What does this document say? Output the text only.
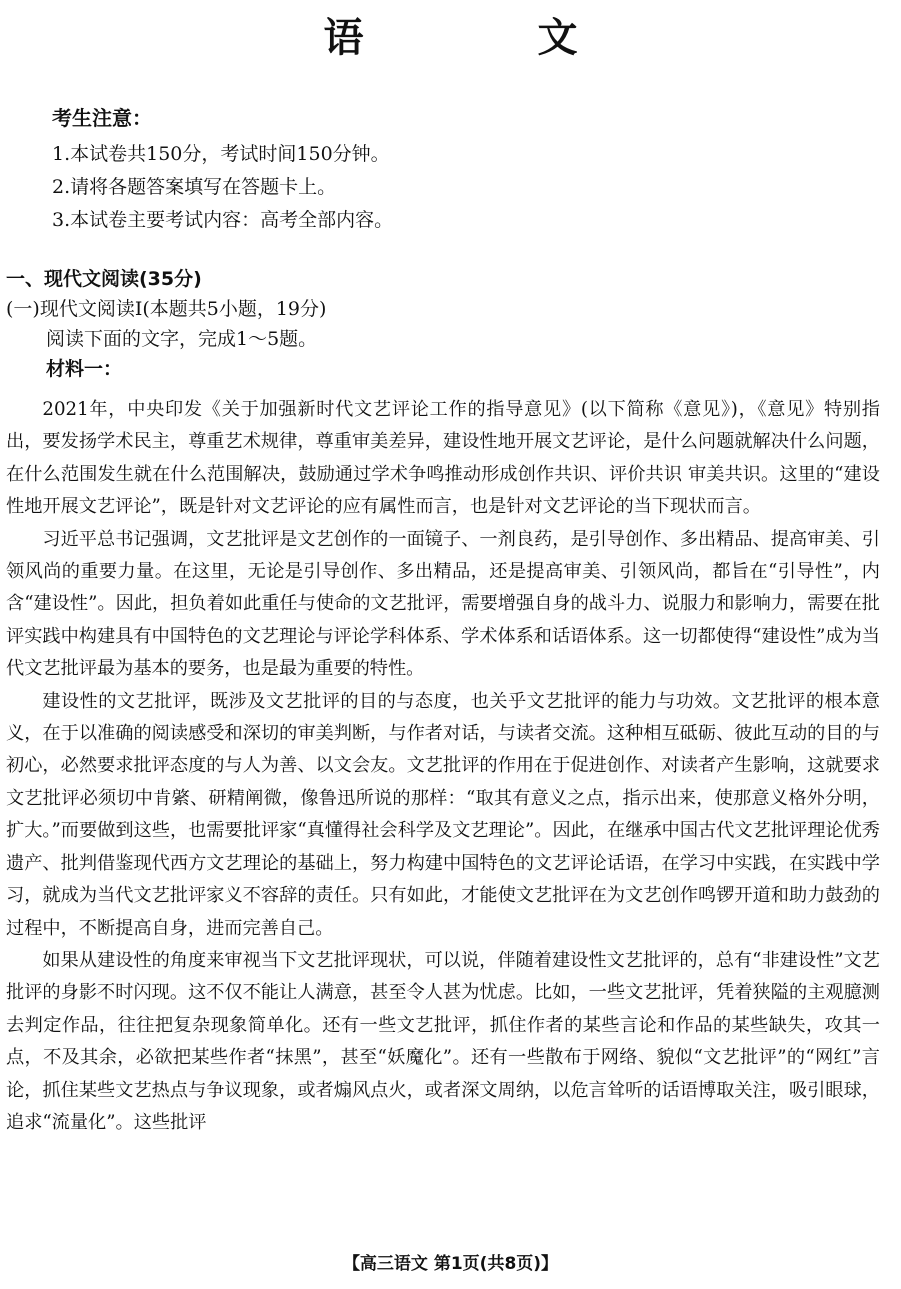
语 文

考生注意：

1.本试卷共150分，考试时间150分钟。

2.请将各题答案填写在答题卡上。

3.本试卷主要考试内容：高考全部内容。

一、现代文阅读(35分)

(一)现代文阅读Ⅰ(本题共5小题，19分)

阅读下面的文字，完成1～5题。

材料一：

2021年，中央印发《关于加强新时代文艺评论工作的指导意见》(以下简称《意见》)，《意见》特别指出，要发扬学术民主，尊重艺术规律，尊重审美差异，建设性地开展文艺评论，是什么问题就解决什么问题，在什么范围发生就在什么范围解决，鼓励通过学术争鸣推动形成创作共识、评价共识 审美共识。这里的“建设性地开展文艺评论”，既是针对文艺评论的应有属性而言，也是针对文艺评论的当下现状而言。

习近平总书记强调，文艺批评是文艺创作的一面镜子、一剂良药，是引导创作、多出精品、提高审美、引领风尚的重要力量。在这里，无论是引导创作、多出精品，还是提高审美、引领风尚，都旨在“引导性”，内含“建设性”。因此，担负着如此重任与使命的文艺批评，需要增强自身的战斗力、说服力和影响力，需要在批评实践中构建具有中国特色的文艺理论与评论学科体系、学术体系和话语体系。这一切都使得“建设性”成为当代文艺批评最为基本的要务，也是最为重要的特性。

建设性的文艺批评，既涉及文艺批评的目的与态度，也关乎文艺批评的能力与功效。文艺批评的根本意义，在于以准确的阅读感受和深切的审美判断，与作者对话，与读者交流。这种相互砥砺、彼此互动的目的与初心，必然要求批评态度的与人为善、以文会友。文艺批评的作用在于促进创作、对读者产生影响，这就要求文艺批评必须切中肯綮、研精阐微，像鲁迅所说的那样：“取其有意义之点，指示出来，使那意义格外分明，扩大。”而要做到这些，也需要批评家“真懂得社会科学及文艺理论”。因此，在继承中国古代文艺批评理论优秀遗产、批判借鉴现代西方文艺理论的基础上，努力构建中国特色的文艺评论话语，在学习中实践，在实践中学习，就成为当代文艺批评家义不容辞的责任。只有如此，才能使文艺批评在为文艺创作鸣锣开道和助力鼓劲的过程中，不断提高自身，进而完善自己。

如果从建设性的角度来审视当下文艺批评现状，可以说，伴随着建设性文艺批评的，总有“非建设性”文艺批评的身影不时闪现。这不仅不能让人满意，甚至令人甚为忧虑。比如，一些文艺批评，凭着狭隘的主观臆测去判定作品，往往把复杂现象简单化。还有一些文艺批评，抓住作者的某些言论和作品的某些缺失，攻其一点，不及其余，必欲把某些作者“抹黑”，甚至“妖魔化”。还有一些散布于网络、貌似“文艺批评”的“网红”言论，抓住某些文艺热点与争议现象，或者煽风点火，或者深文周纳，以危言耸听的话语博取关注，吸引眼球，追求“流量化”。这些批评

【高三语文 第1页(共8页)】
